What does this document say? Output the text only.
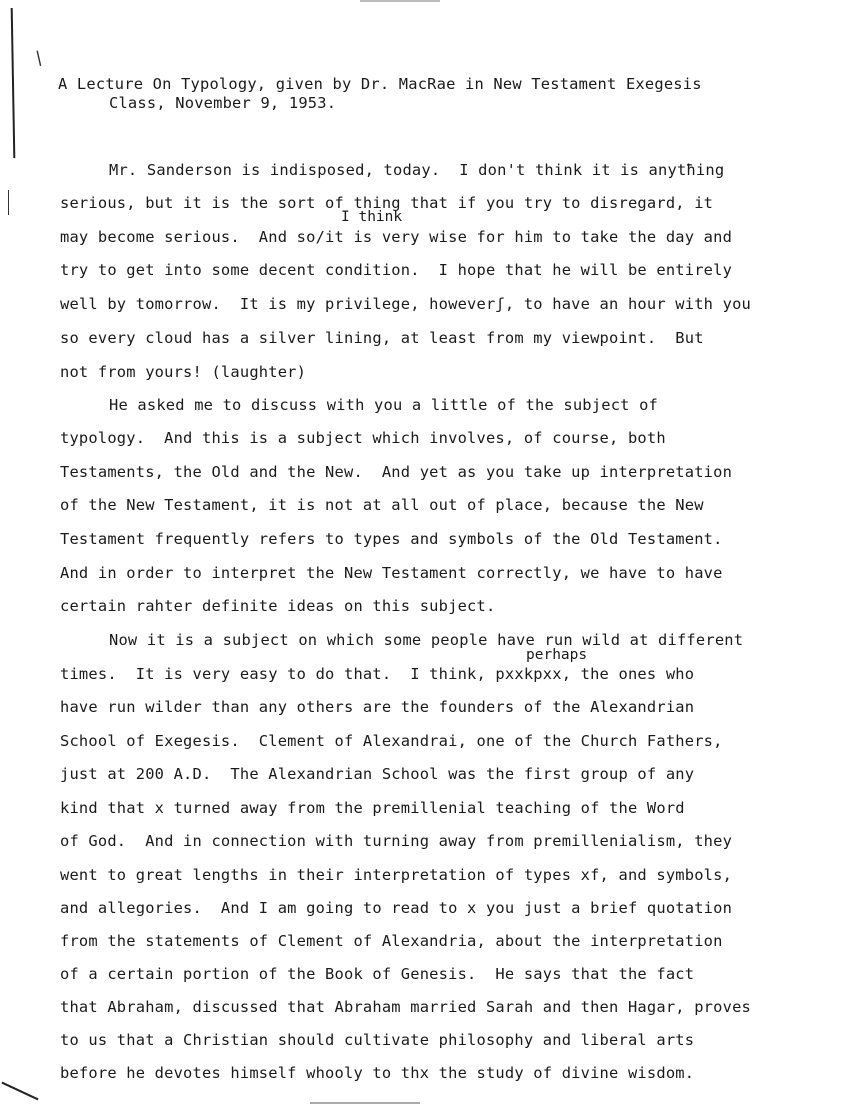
/
A Lecture On Typology, given by Dr. MacRae in New Testament Exegesis
Class, November 9, 1953.
I think
perhaps
Mr. Sanderson is indisposed, today.  I don't think it is anytħing
serious, but it is the sort of thing that if you try to disregard, it
may become serious.  And so/it is very wise for him to take the day and
try to get into some decent condition.  I hope that he will be entirely
well by tomorrow.  It is my privilege, howeverʃ, to have an hour with you
so every cloud has a silver lining, at least from my viewpoint.  But
not from yours! (laughter)
He asked me to discuss with you a little of the subject of
typology.  And this is a subject which involves, of course, both
Testaments, the Old and the New.  And yet as you take up interpretation
of the New Testament, it is not at all out of place, because the New
Testament frequently refers to types and symbols of the Old Testament.
And in order to interpret the New Testament correctly, we have to have
certain rahter definite ideas on this subject.
Now it is a subject on which some people have run wild at different
times.  It is very easy to do that.  I think, pxxkpxx, the ones who
have run wilder than any others are the founders of the Alexandrian
School of Exegesis.  Clement of Alexandrai, one of the Church Fathers,
just at 200 A.D.  The Alexandrian School was the first group of any
kind that x turned away from the premillenial teaching of the Word
of God.  And in connection with turning away from premillenialism, they
went to great lengths in their interpretation of types xf, and symbols,
and allegories.  And I am going to read to x you just a brief quotation
from the statements of Clement of Alexandria, about the interpretation
of a certain portion of the Book of Genesis.  He says that the fact
that Abraham, discussed that Abraham married Sarah and then Hagar, proves
to us that a Christian should cultivate philosophy and liberal arts
before he devotes himself whooly to thx the study of divine wisdom.
